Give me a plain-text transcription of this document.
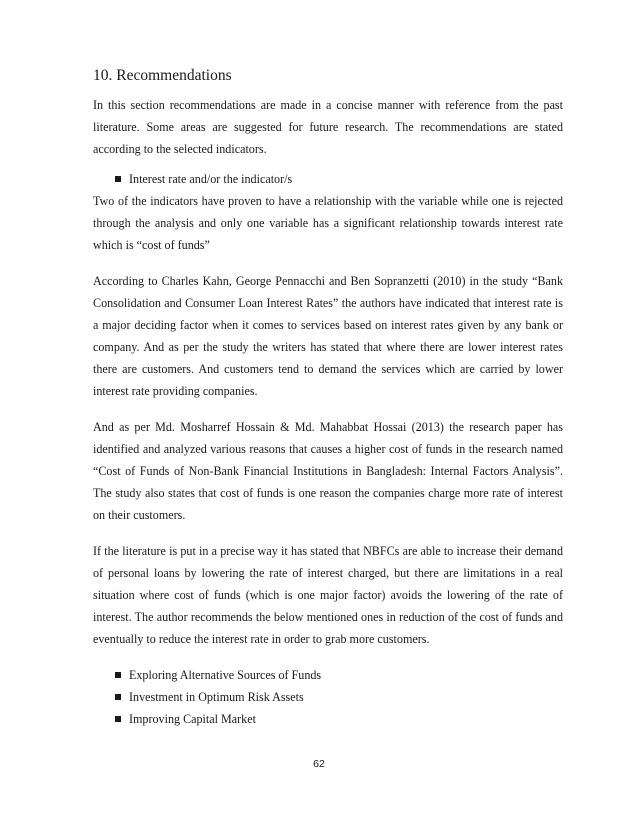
10. Recommendations

In this section recommendations are made in a concise manner with reference from the past literature. Some areas are suggested for future research. The recommendations are stated according to the selected indicators.

Interest rate and/or the indicator/s

Two of the indicators have proven to have a relationship with the variable while one is rejected through the analysis and only one variable has a significant relationship towards interest rate which is “cost of funds”

According to Charles Kahn, George Pennacchi and Ben Sopranzetti (2010) in the study “Bank Consolidation and Consumer Loan Interest Rates” the authors have indicated that interest rate is a major deciding factor when it comes to services based on interest rates given by any bank or company. And as per the study the writers has stated that where there are lower interest rates there are customers. And customers tend to demand the services which are carried by lower interest rate providing companies.

And as per Md. Mosharref Hossain & Md. Mahabbat Hossai (2013) the research paper has identified and analyzed various reasons that causes a higher cost of funds in the research named “Cost of Funds of Non-Bank Financial Institutions in Bangladesh: Internal Factors Analysis”. The study also states that cost of funds is one reason the companies charge more rate of interest on their customers.

If the literature is put in a precise way it has stated that NBFCs are able to increase their demand of personal loans by lowering the rate of interest charged, but there are limitations in a real situation where cost of funds (which is one major factor) avoids the lowering of the rate of interest. The author recommends the below mentioned ones in reduction of the cost of funds and eventually to reduce the interest rate in order to grab more customers.

Exploring Alternative Sources of Funds
Investment in Optimum Risk Assets
Improving Capital Market
62
